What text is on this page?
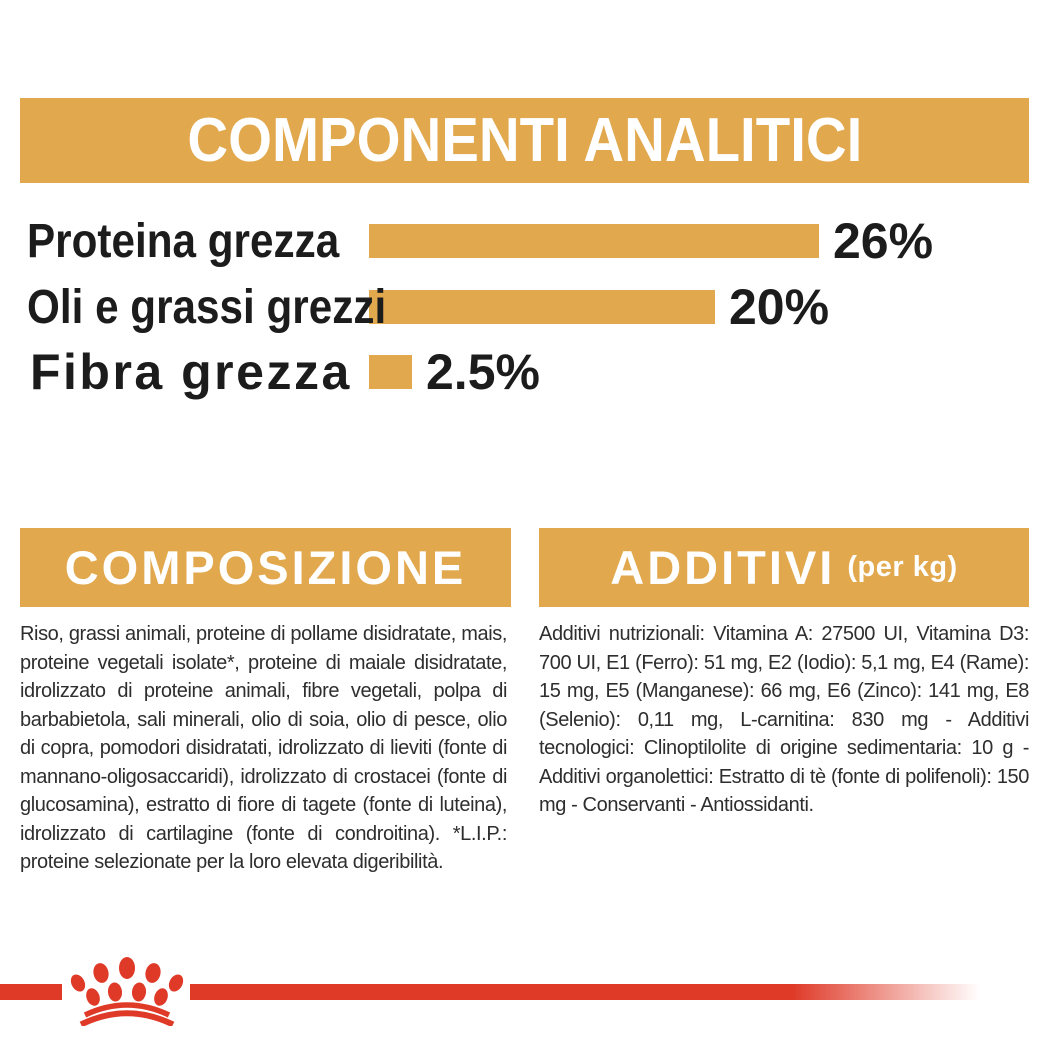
COMPONENTI ANALITICI
Proteina grezza	26%
Oli e grassi grezzi	20%
Fibra grezza	2.5%
COMPOSIZIONE
Riso, grassi animali, proteine di pollame disidratate, mais, proteine vegetali isolate*, proteine di maiale disidratate, idrolizzato di proteine animali, fibre vegetali, polpa di barbabietola, sali minerali, olio di soia, olio di pesce, olio di copra, pomodori disidratati, idrolizzato di lieviti (fonte di mannano-oligosaccaridi), idrolizzato di crostacei (fonte di glucosamina), estratto di fiore di tagete (fonte di luteina), idrolizzato di cartilagine (fonte di condroitina). *L.I.P.: proteine selezionate per la loro elevata digeribilità.
ADDITIVI (per kg)
Additivi nutrizionali: Vitamina A: 27500 UI, Vitamina D3: 700 UI, E1 (Ferro): 51 mg, E2 (Iodio): 5,1 mg, E4 (Rame): 15 mg, E5 (Manganese): 66 mg, E6 (Zinco): 141 mg, E8 (Selenio): 0,11 mg, L-carnitina: 830 mg - Additivi tecnologici: Clinoptilolite di origine sedimentaria: 10 g - Additivi organolettici: Estratto di tè (fonte di polifenoli): 150 mg - Conservanti - Antiossidanti.
